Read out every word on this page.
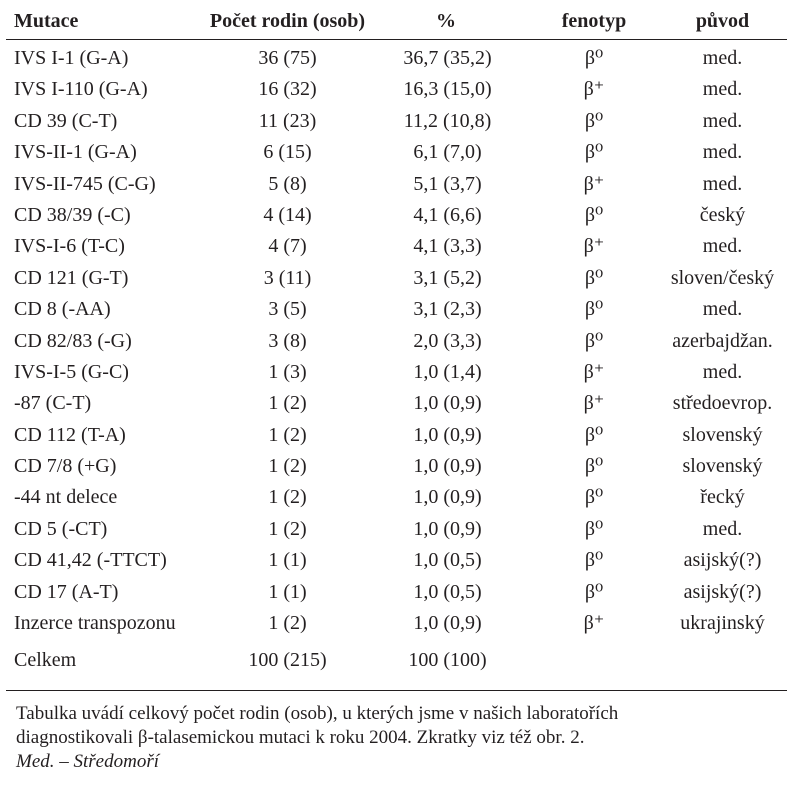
Mutace	Počet rodin (osob)	%	fenotyp	původ
IVS I-1 (G-A)	36 (75)	36,7 (35,2)	β⁰	med.
IVS I-110 (G-A)	16 (32)	16,3 (15,0)	β⁺	med.
CD 39 (C-T)	11 (23)	11,2 (10,8)	β⁰	med.
IVS-II-1 (G-A)	6 (15)	6,1 (7,0)	β⁰	med.
IVS-II-745 (C-G)	5 (8)	5,1 (3,7)	β⁺	med.
CD 38/39 (-C)	4 (14)	4,1 (6,6)	β⁰	český
IVS-I-6 (T-C)	4 (7)	4,1 (3,3)	β⁺	med.
CD 121 (G-T)	3 (11)	3,1 (5,2)	β⁰	sloven/český
CD 8 (-AA)	3 (5)	3,1 (2,3)	β⁰	med.
CD 82/83 (-G)	3 (8)	2,0 (3,3)	β⁰	azerbajdžan.
IVS-I-5 (G-C)	1 (3)	1,0 (1,4)	β⁺	med.
-87 (C-T)	1 (2)	1,0 (0,9)	β⁺	středoevrop.
CD 112 (T-A)	1 (2)	1,0 (0,9)	β⁰	slovenský
CD 7/8 (+G)	1 (2)	1,0 (0,9)	β⁰	slovenský
-44 nt delece	1 (2)	1,0 (0,9)	β⁰	řecký
CD 5 (-CT)	1 (2)	1,0 (0,9)	β⁰	med.
CD 41,42 (-TTCT)	1 (1)	1,0 (0,5)	β⁰	asijský(?)
CD 17 (A-T)	1 (1)	1,0 (0,5)	β⁰	asijský(?)
Inzerce transpozonu	1 (2)	1,0 (0,9)	β⁺	ukrajinský
Celkem	100 (215)	100 (100)
Tabulka uvádí celkový počet rodin (osob), u kterých jsme v našich laboratořích
diagnostikovali β-talasemickou mutaci k roku 2004. Zkratky viz též obr. 2.
Med. – Středomoří
